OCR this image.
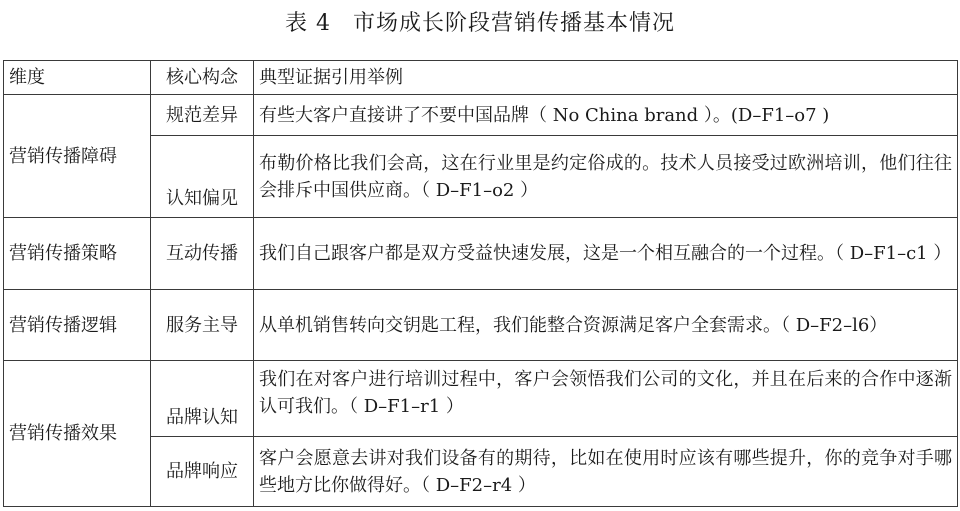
表 4 市场成长阶段营销传播基本情况
维度	核心构念	典型证据引用举例
营销传播障碍	规范差异	有些大客户直接讲了不要中国品牌（ No China brand ）。(D–F1–o7 )
	认知偏见	布勒价格比我们会高，这在行业里是约定俗成的。技术人员接受过欧洲培训，他们往往会排斥中国供应商。（ D–F1–o2 ）
营销传播策略	互动传播	我们自己跟客户都是双方受益快速发展，这是一个相互融合的一个过程。（ D–F1–c1 ）
营销传播逻辑	服务主导	从单机销售转向交钥匙工程，我们能整合资源满足客户全套需求。（ D–F2–l6）
营销传播效果	品牌认知	我们在对客户进行培训过程中，客户会领悟我们公司的文化，并且在后来的合作中逐渐认可我们。（ D–F1–r1 ）
	品牌响应	客户会愿意去讲对我们设备有的期待，比如在使用时应该有哪些提升，你的竞争对手哪些地方比你做得好。（ D–F2–r4 ）
